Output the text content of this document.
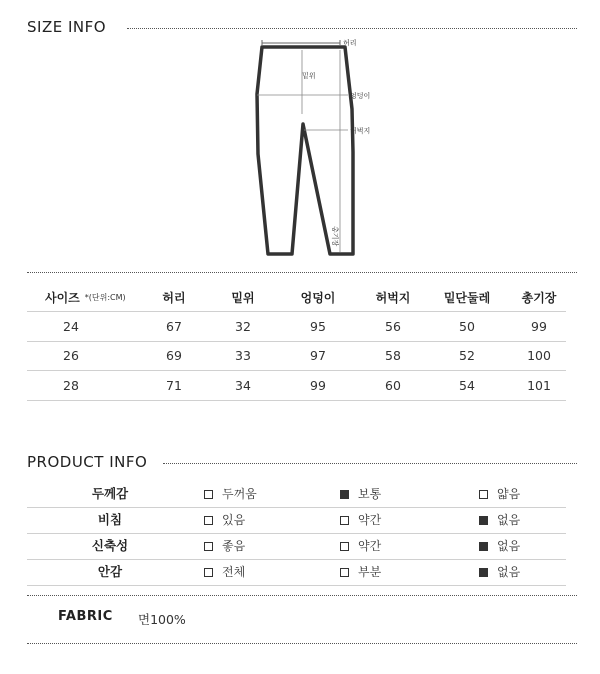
SIZE INFO
허리
밑위
엉덩이
허벅지
총기장
사이즈 *(단위:CM)	허리	밑위	엉덩이	허벅지	밑단둘레	총기장
24	67	32	95	56	50	99
26	69	33	97	58	52	100
28	71	34	99	60	54	101
PRODUCT INFO
두께감	두꺼움	보통	얇음
비침	있음	약간	없음
신축성	좋음	약간	없음
안감	전체	부분	없음
FABRIC 면100%
